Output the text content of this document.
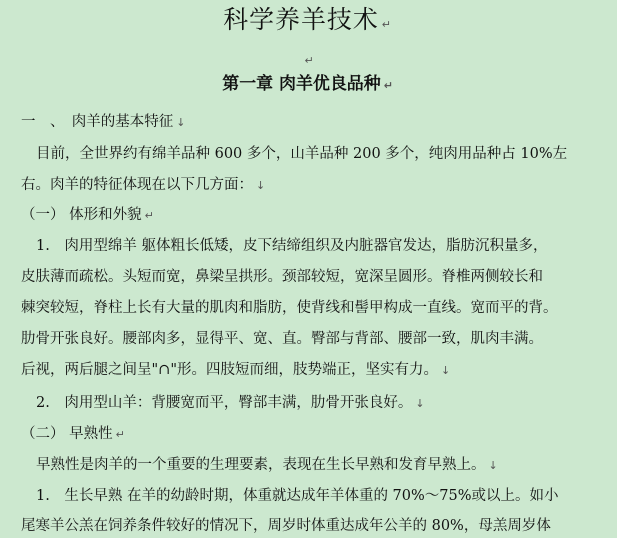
科学养羊技术 ↵
↵
第一章 肉羊优良品种 ↵
一　、　肉羊的基本特征 ↓
目前，全世界约有绵羊品种 600 多个，山羊品种 200 多个，纯肉用品种占 10%左
右。肉羊的特征体现在以下几方面： ↓
（一） 体形和外貌 ↵
1.　肉用型绵羊 躯体粗长低矮，皮下结缔组织及内脏器官发达，脂肪沉积量多，
皮肤薄而疏松。头短而宽，鼻梁呈拱形。颈部较短，宽深呈圆形。脊椎两侧较长和
棘突较短，脊柱上长有大量的肌肉和脂肪，使背线和髻甲构成一直线。宽而平的背。
肋骨开张良好。腰部肉多，显得平、宽、直。臀部与背部、腰部一致，肌肉丰满。
后视，两后腿之间呈"∩"形。四肢短而细，肢势端正，坚实有力。 ↓
2.　肉用型山羊：背腰宽而平，臀部丰满，肋骨开张良好。 ↓
（二） 早熟性 ↵
早熟性是肉羊的一个重要的生理要素，表现在生长早熟和发育早熟上。 ↓
1.　生长早熟 在羊的幼龄时期，体重就达成年羊体重的 70%～75%或以上。如小
尾寒羊公羔在饲养条件较好的情况下，周岁时体重达成年公羊的 80%，母羔周岁体
